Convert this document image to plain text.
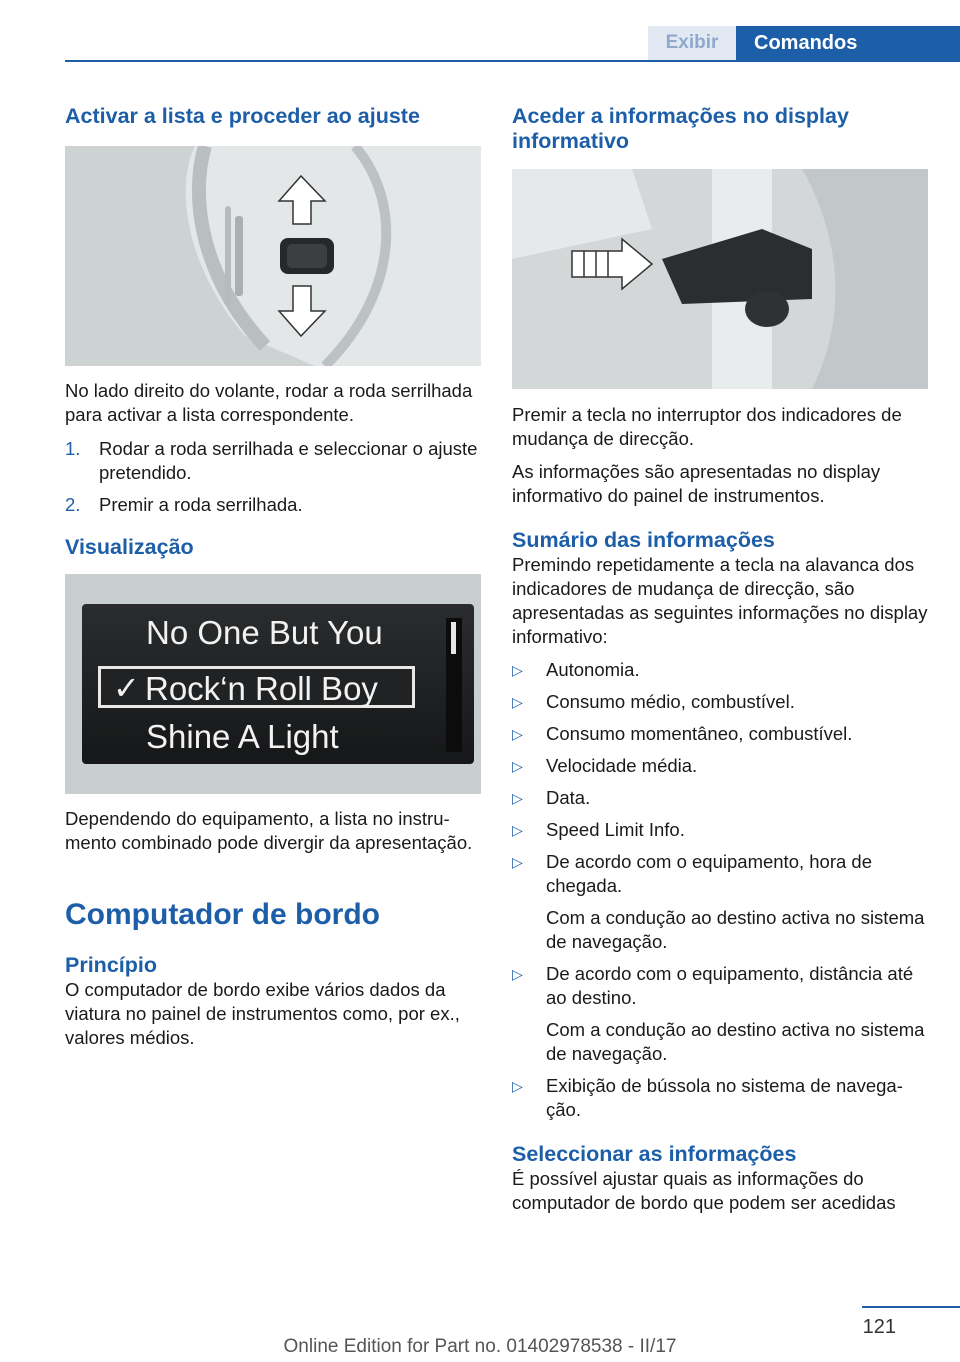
Exibir	Comandos
Activar a lista e proceder ao ajuste

No lado direito do volante, rodar a roda serrilhada para activar a lista correspondente.

1.	Rodar a roda serrilhada e seleccionar o ajuste pretendido.
2.	Premir a roda serrilhada.
Visualização
No One But You
✓ Rock‘n Roll Boy
Shine A Light

Dependendo do equipamento, a lista no instrumento combinado pode divergir da apresentação.

Computador de bordo
Princípio

O computador de bordo exibe vários dados da viatura no painel de instrumentos como, por ex., valores médios.

Aceder a informações no display informativo

Premir a tecla no interruptor dos indicadores de mudança de direcção.

As informações são apresentadas no display informativo do painel de instrumentos.

Sumário das informações

Premindo repetidamente a tecla na alavanca dos indicadores de mudança de direcção, são apresentadas as seguintes informações no display informativo:

▷	Autonomia.
▷	Consumo médio, combustível.
▷	Consumo momentâneo, combustível.
▷	Velocidade média.
▷	Data.
▷	Speed Limit Info.
▷	De acordo com o equipamento, hora de chegada.
Com a condução ao destino activa no sistema de navegação.
▷	De acordo com o equipamento, distância até ao destino.
Com a condução ao destino activa no sistema de navegação.
▷	Exibição de bússola no sistema de navegação.
Seleccionar as informações

É possível ajustar quais as informações do computador de bordo que podem ser acedidas

121
Online Edition for Part no. 01402978538 - II/17
